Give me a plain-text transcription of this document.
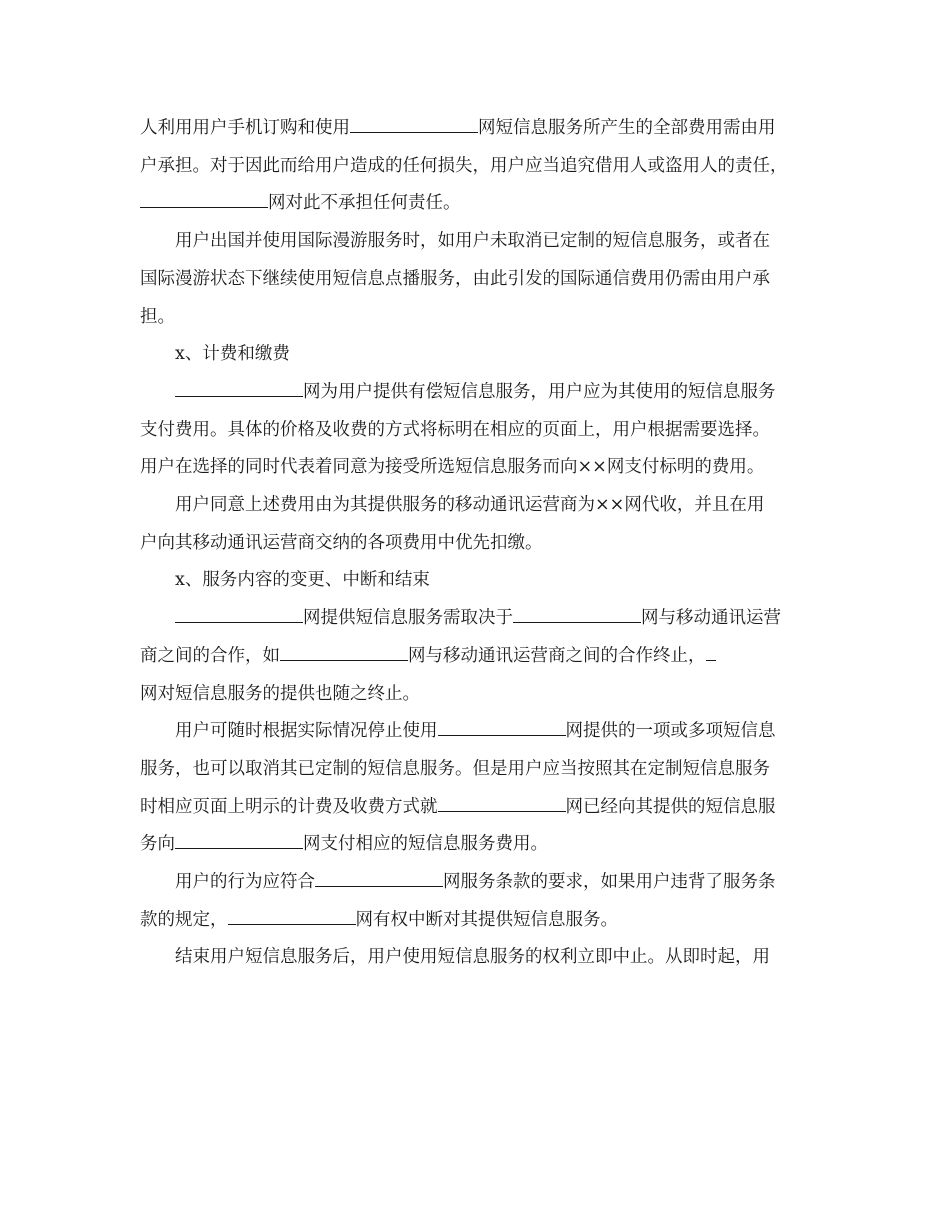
人利用用户手机订购和使用	网短信息服务所产生的全部费用需由用
户承担。对于因此而给用户造成的任何损失，用户应当追究借用人或盗用人的责任，
网对此不承担任何责任。
用户出国并使用国际漫游服务时，如用户未取消已定制的短信息服务，或者在
国际漫游状态下继续使用短信息点播服务，由此引发的国际通信费用仍需由用户承
担。
x、计费和缴费
网为用户提供有偿短信息服务，用户应为其使用的短信息服务
支付费用。具体的价格及收费的方式将标明在相应的页面上，用户根据需要选择。
用户在选择的同时代表着同意为接受所选短信息服务而向××网支付标明的费用。
用户同意上述费用由为其提供服务的移动通讯运营商为××网代收，并且在用
户向其移动通讯运营商交纳的各项费用中优先扣缴。
x、服务内容的变更、中断和结束
网提供短信息服务需取决于	网与移动通讯运营
商之间的合作，如	网与移动通讯运营商之间的合作终止，
网对短信息服务的提供也随之终止。
用户可随时根据实际情况停止使用	网提供的一项或多项短信息
服务，也可以取消其已定制的短信息服务。但是用户应当按照其在定制短信息服务
时相应页面上明示的计费及收费方式就	网已经向其提供的短信息服
务向	网支付相应的短信息服务费用。
用户的行为应符合	网服务条款的要求，如果用户违背了服务条
款的规定，	网有权中断对其提供短信息服务。
结束用户短信息服务后，用户使用短信息服务的权利立即中止。从即时起，用
